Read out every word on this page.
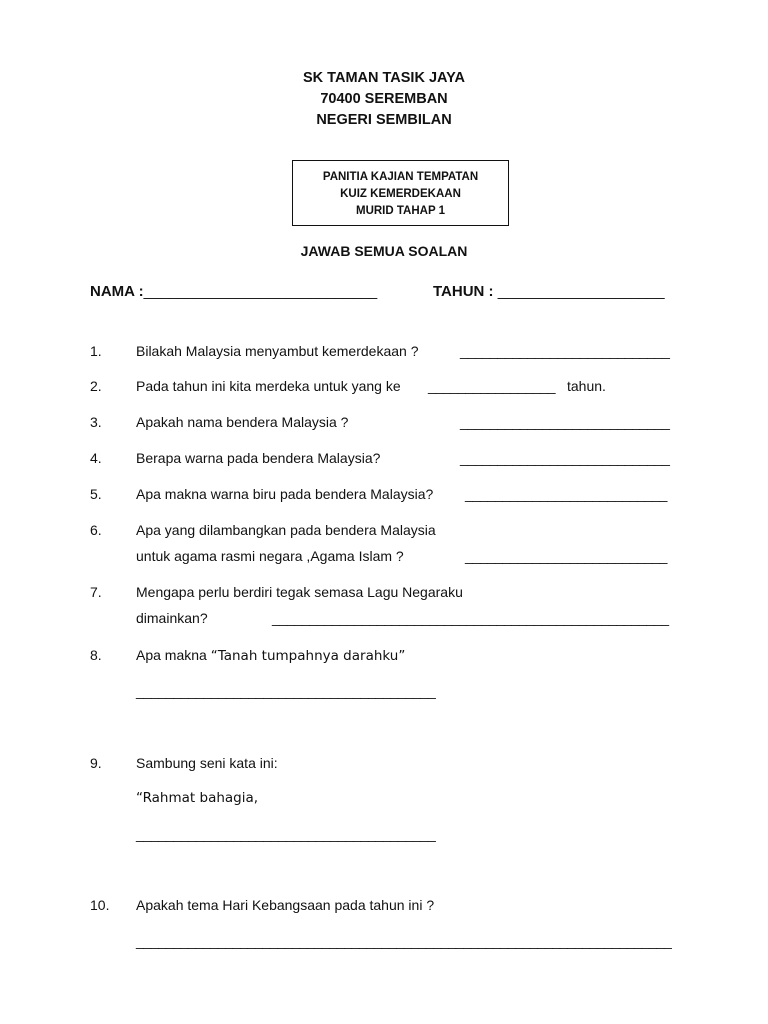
SK TAMAN TASIK JAYA
70400 SEREMBAN
NEGERI SEMBILAN
PANITIA KAJIAN TEMPATAN
KUIZ KEMERDEKAAN
MURID TAHAP 1
JAWAB SEMUA SOALAN
NAMA :____________________________	TAHUN : ____________________
1. Bilakah Malaysia menyambut kemerdekaan ?	____________________________
2. Pada tahun ini kita merdeka untuk yang ke _________________ tahun.
3. Apakah nama bendera Malaysia ?	____________________________
4. Berapa warna pada bendera Malaysia?	____________________________
5. Apa makna warna biru pada bendera Malaysia? ___________________________
6. Apa yang dilambangkan pada bendera Malaysia
untuk agama rasmi negara ,Agama Islam ?	___________________________
7. Mengapa perlu berdiri tegak semasa Lagu Negaraku
dimainkan?	_____________________________________________________
8. Apa makna “Tanah tumpahnya darahku”
________________________________________
9. Sambung seni kata ini:
“Rahmat bahagia,
________________________________________
10. Apakah tema Hari Kebangsaan pada tahun ini ?
________________________________________________________________________
